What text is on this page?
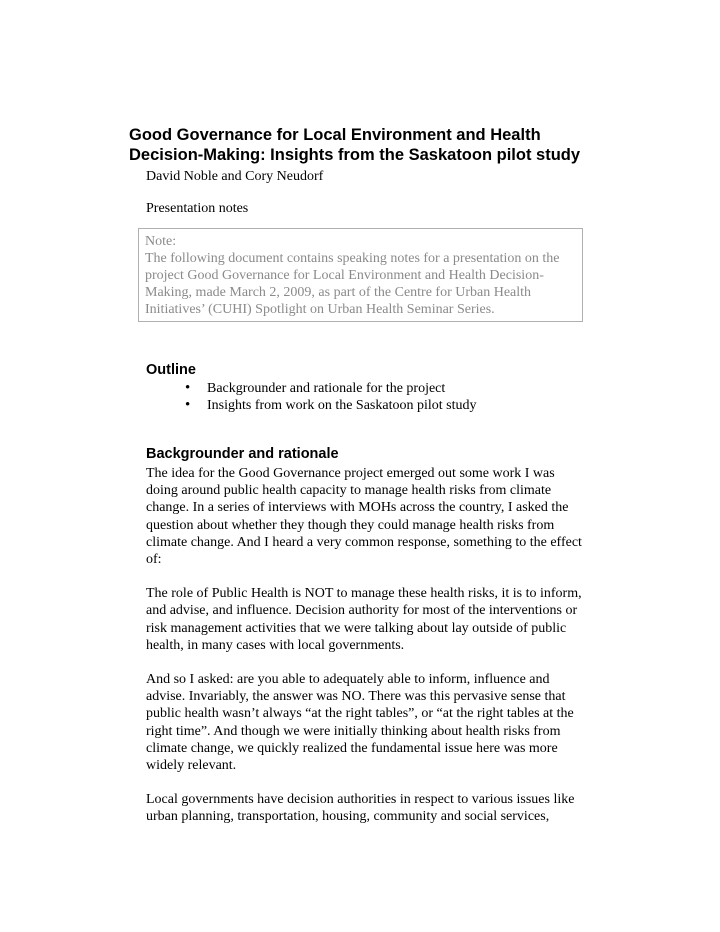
Good Governance for Local Environment and Health Decision-Making: Insights from the Saskatoon pilot study
David Noble and Cory Neudorf
Presentation notes

Note:

The following document contains speaking notes for a presentation on the project Good Governance for Local Environment and Health Decision-Making, made March 2, 2009, as part of the Centre for Urban Health Initiatives’ (CUHI) Spotlight on Urban Health Seminar Series.

Outline
• Backgrounder and rationale for the project
• Insights from work on the Saskatoon pilot study
Backgrounder and rationale

The idea for the Good Governance project emerged out some work I was doing around public health capacity to manage health risks from climate change. In a series of interviews with MOHs across the country, I asked the question about whether they though they could manage health risks from climate change. And I heard a very common response, something to the effect of:

The role of Public Health is NOT to manage these health risks, it is to inform, and advise, and influence. Decision authority for most of the interventions or risk management activities that we were talking about lay outside of public health, in many cases with local governments.

And so I asked: are you able to adequately able to inform, influence and advise. Invariably, the answer was NO. There was this pervasive sense that public health wasn’t always “at the right tables”, or “at the right tables at the right time”. And though we were initially thinking about health risks from climate change, we quickly realized the fundamental issue here was more widely relevant.

Local governments have decision authorities in respect to various issues like urban planning, transportation, housing, community and social services,
